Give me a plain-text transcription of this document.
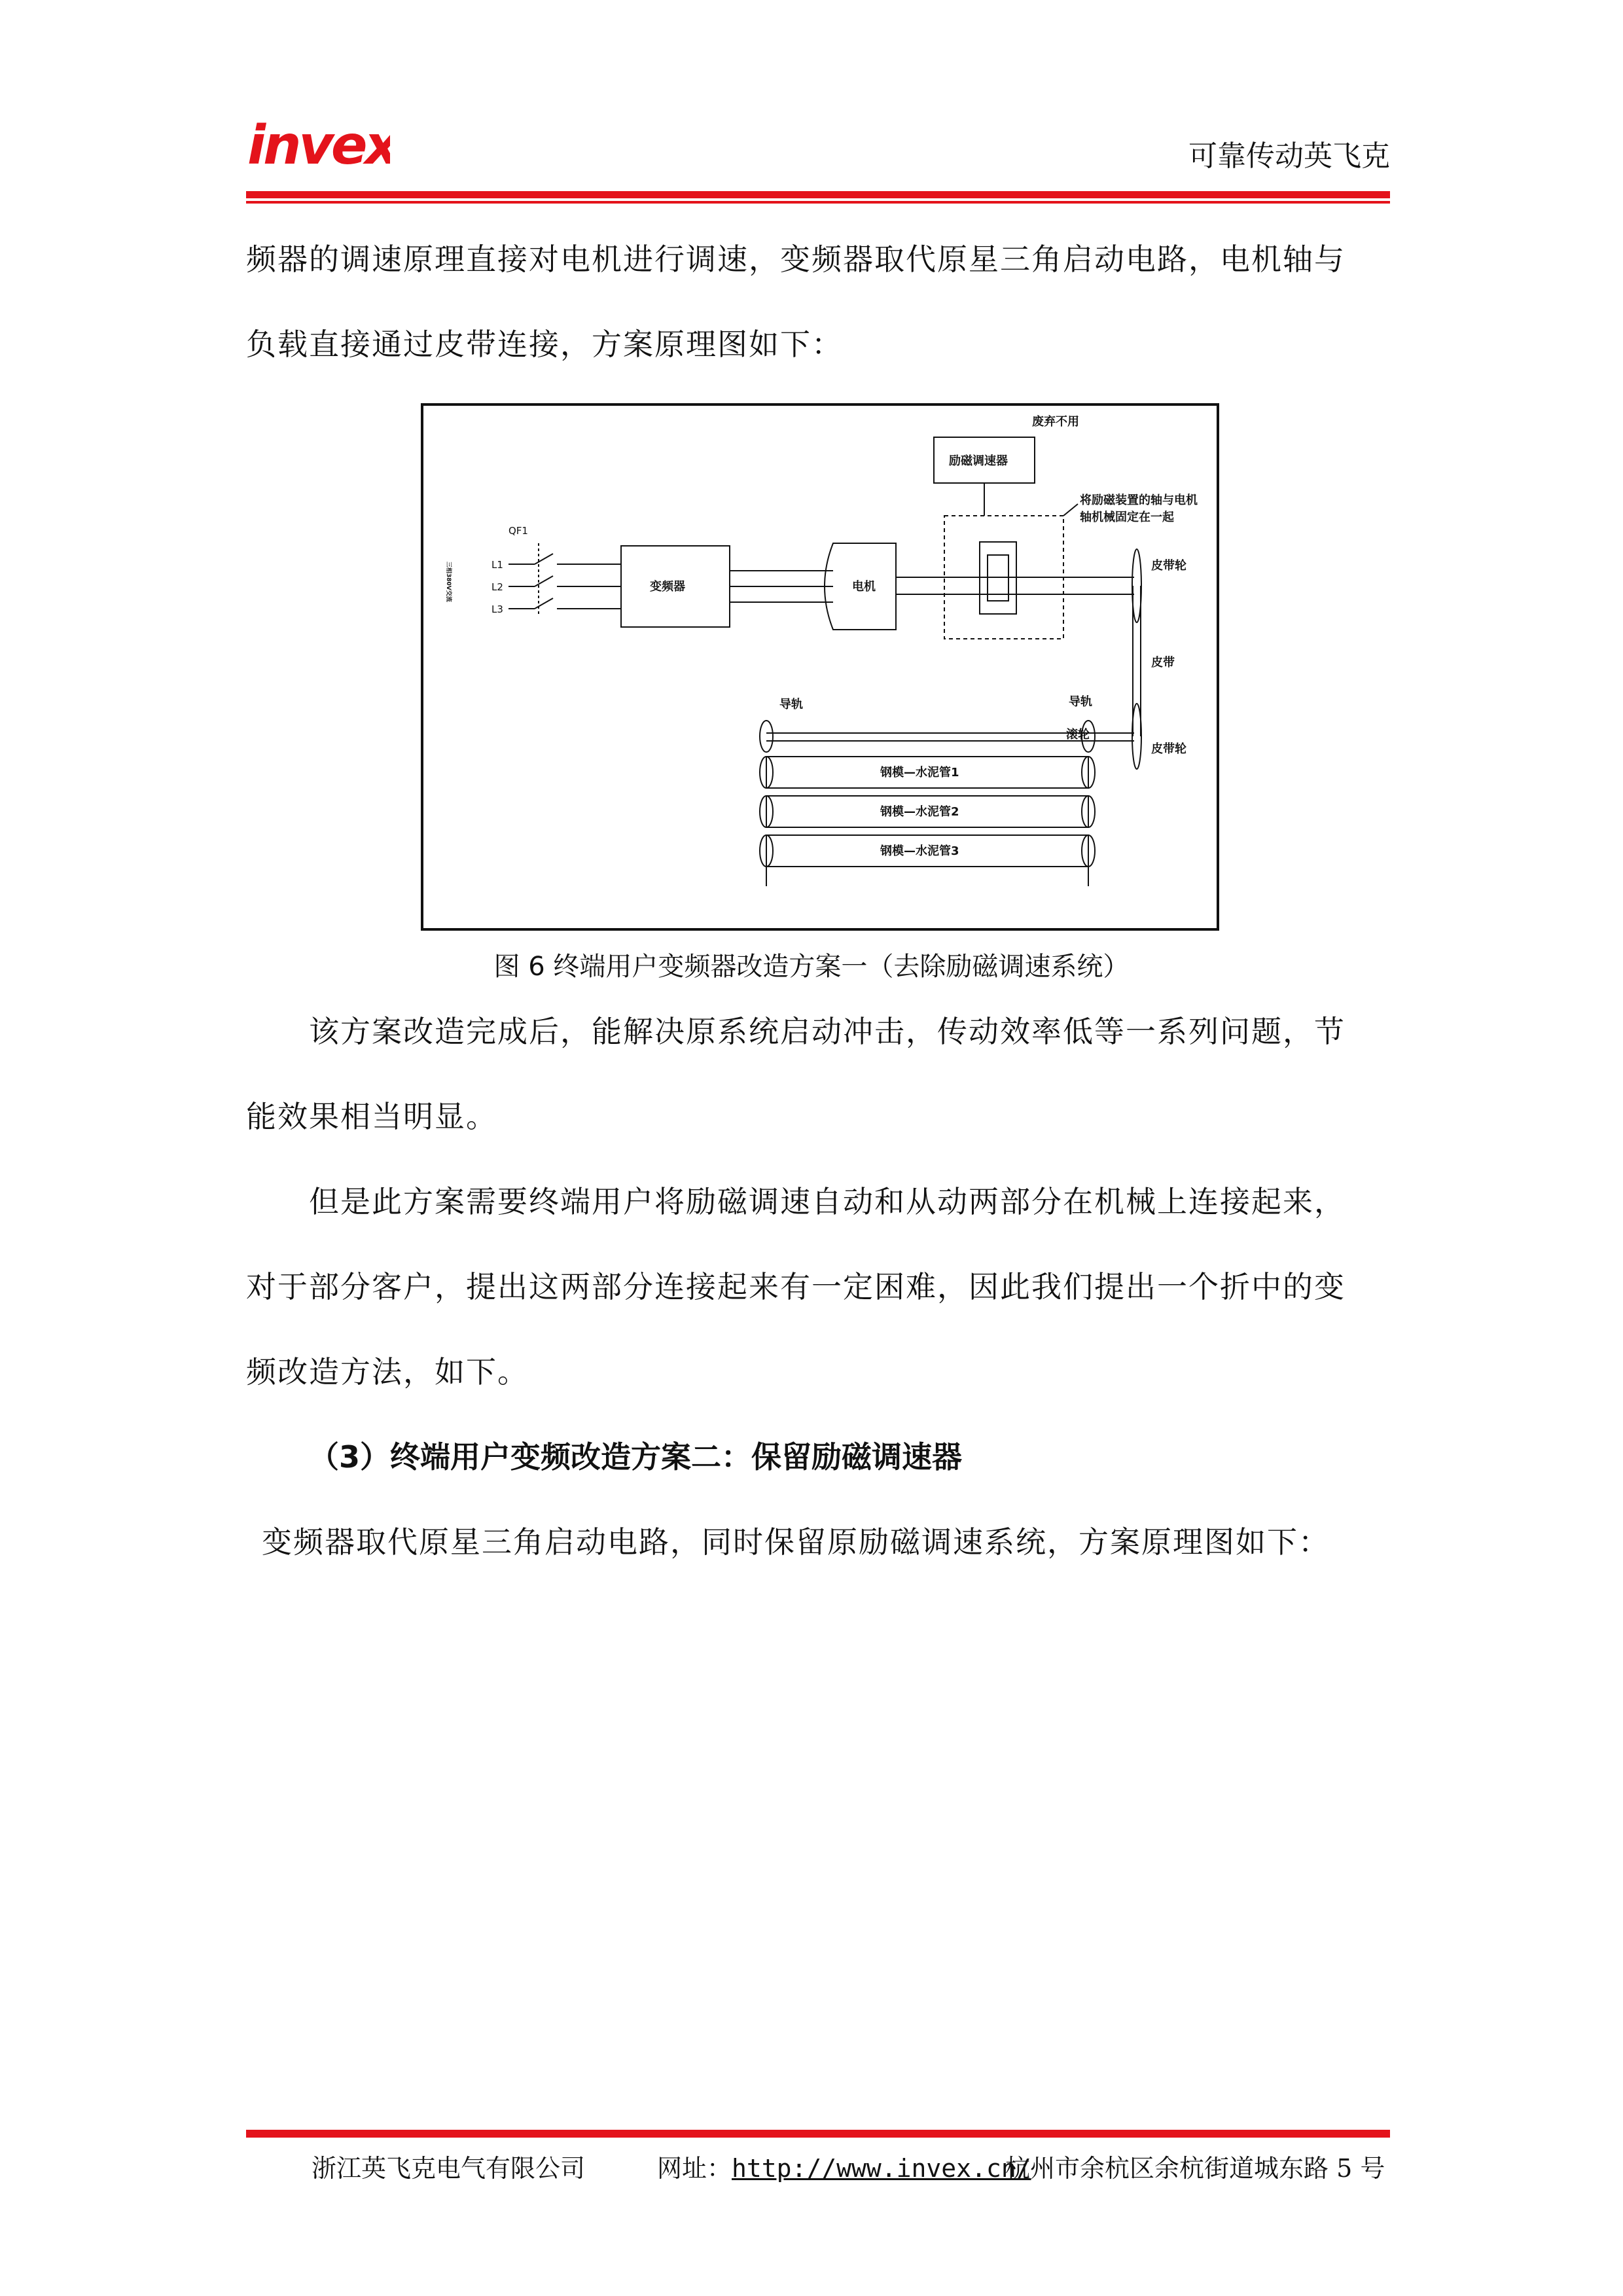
invex	可靠传动英飞克
频器的调速原理直接对电机进行调速，变频器取代原星三角启动电路，电机轴与
负载直接通过皮带连接，方案原理图如下：
废弃不用
励磁调速器
将励磁装置的轴与电机
轴机械固定在一起
变频器	电机
皮带轮
皮带
皮带轮
导轨	导轨
滚轮
钢模—水泥管1
钢模—水泥管2
钢模—水泥管3
QF1
L1
L2
L3
三相380V交流
图 6 终端用户变频器改造方案一（去除励磁调速系统）
该方案改造完成后，能解决原系统启动冲击，传动效率低等一系列问题，节
能效果相当明显。
但是此方案需要终端用户将励磁调速自动和从动两部分在机械上连接起来，
对于部分客户，提出这两部分连接起来有一定困难，因此我们提出一个折中的变
频改造方法，如下。
（3）终端用户变频改造方案二：保留励磁调速器
变频器取代原星三角启动电路，同时保留原励磁调速系统，方案原理图如下：
浙江英飞克电气有限公司	网址：http://www.invex.cn/
杭州市余杭区余杭街道城东路 5 号
